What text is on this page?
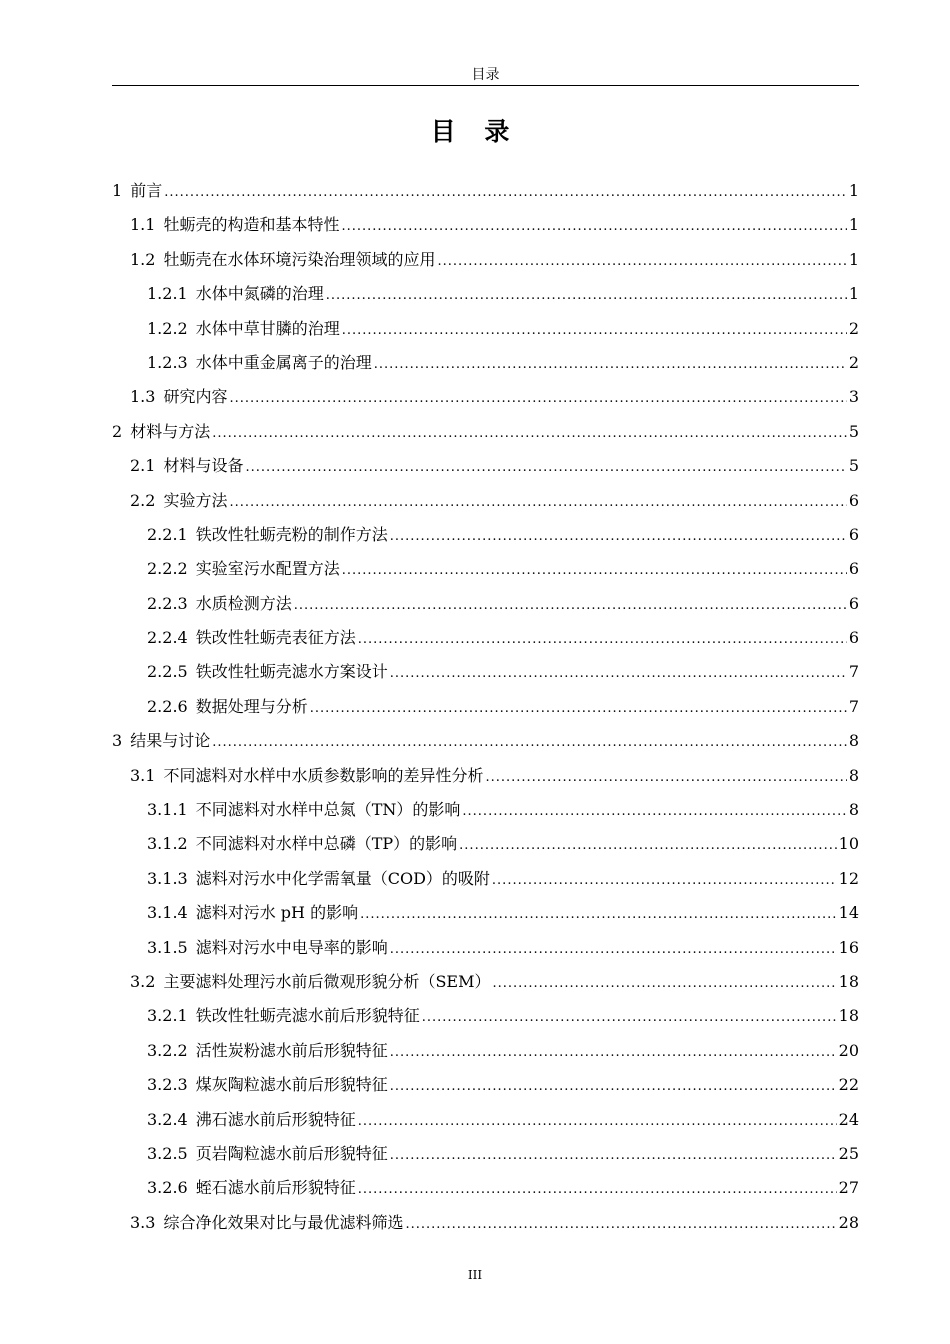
目录
目 录
1 前言 .....	1
1.1 牡蛎壳的构造和基本特性 .....	1
1.2 牡蛎壳在水体环境污染治理领域的应用 .....	1
1.2.1 水体中氮磷的治理 .....	1
1.2.2 水体中草甘膦的治理 .....	2
1.2.3 水体中重金属离子的治理 .....	2
1.3 研究内容 .....	3
2 材料与方法 .....	5
2.1 材料与设备 .....	5
2.2 实验方法 .....	6
2.2.1 铁改性牡蛎壳粉的制作方法 .....	6
2.2.2 实验室污水配置方法 .....	6
2.2.3 水质检测方法 .....	6
2.2.4 铁改性牡蛎壳表征方法 .....	6
2.2.5 铁改性牡蛎壳滤水方案设计 .....	7
2.2.6 数据处理与分析 .....	7
3 结果与讨论 .....	8
3.1 不同滤料对水样中水质参数影响的差异性分析 .....	8
3.1.1 不同滤料对水样中总氮（TN）的影响 .....	8
3.1.2 不同滤料对水样中总磷（TP）的影响 .....	10
3.1.3 滤料对污水中化学需氧量（COD）的吸附 .....	12
3.1.4 滤料对污水 pH 的影响 .....	14
3.1.5 滤料对污水中电导率的影响 .....	16
3.2 主要滤料处理污水前后微观形貌分析（SEM） .....	18
3.2.1 铁改性牡蛎壳滤水前后形貌特征 .....	18
3.2.2 活性炭粉滤水前后形貌特征 .....	20
3.2.3 煤灰陶粒滤水前后形貌特征 .....	22
3.2.4 沸石滤水前后形貌特征 .....	24
3.2.5 页岩陶粒滤水前后形貌特征 .....	25
3.2.6 蛭石滤水前后形貌特征 .....	27
3.3 综合净化效果对比与最优滤料筛选 .....	28
III
